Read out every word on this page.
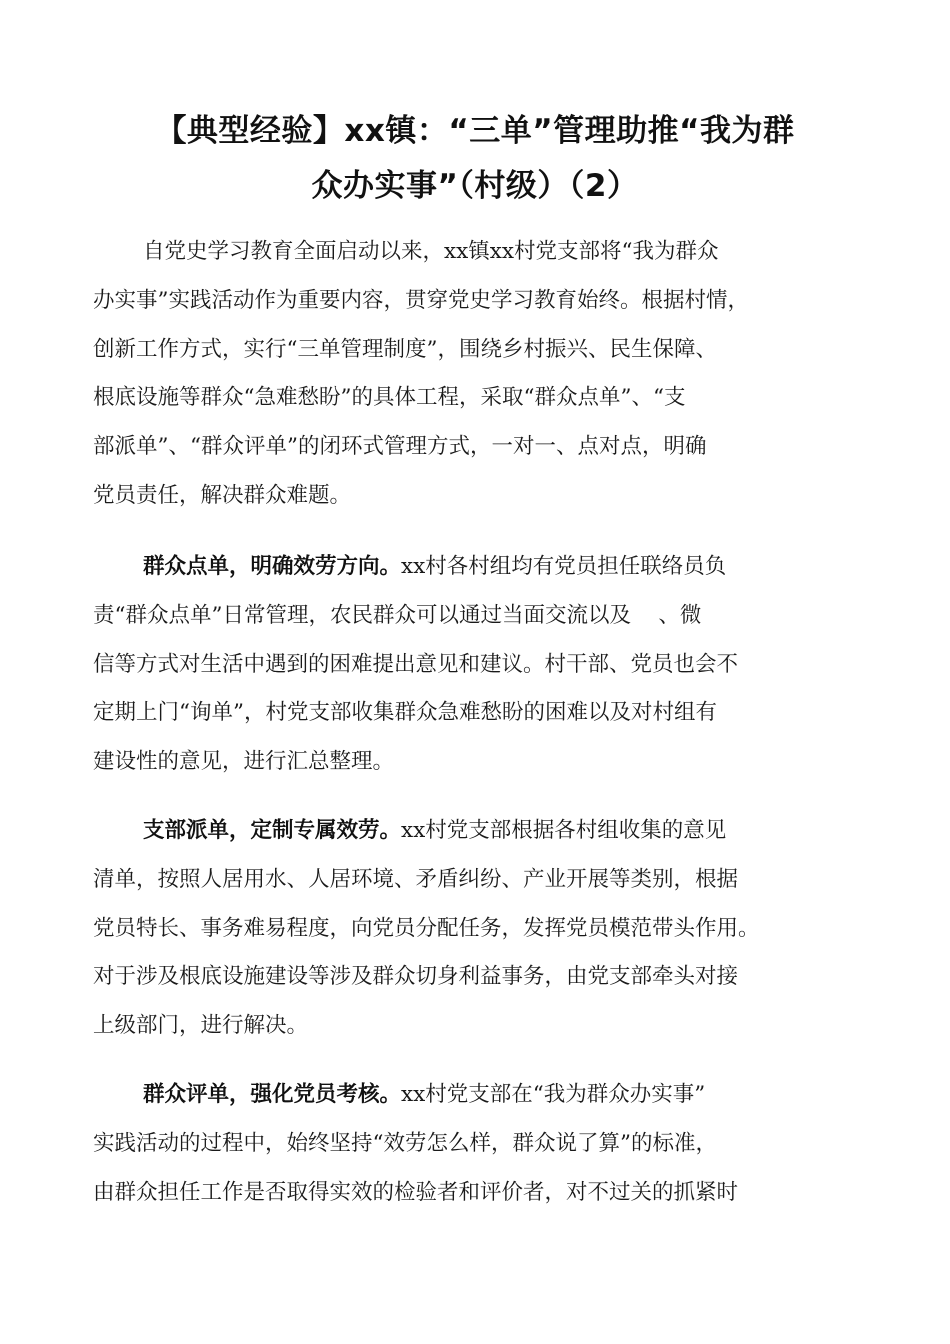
【典型经验】xx镇：“三单”管理助推“我为群
众办实事”（村级）（2）
自党史学习教育全面启动以来，xx镇xx村党支部将“我为群众
办实事”实践活动作为重要内容，贯穿党史学习教育始终。根据村情，
创新工作方式，实行“三单管理制度”，围绕乡村振兴、民生保障、
根底设施等群众“急难愁盼”的具体工程，采取“群众点单”、“支
部派单”、“群众评单”的闭环式管理方式，一对一、点对点，明确
党员责任，解决群众难题。
群众点单，明确效劳方向。xx村各村组均有党员担任联络员负
责“群众点单”日常管理，农民群众可以通过当面交流以及    、微
信等方式对生活中遇到的困难提出意见和建议。村干部、党员也会不
定期上门“询单”，村党支部收集群众急难愁盼的困难以及对村组有
建设性的意见，进行汇总整理。
支部派单，定制专属效劳。xx村党支部根据各村组收集的意见
清单，按照人居用水、人居环境、矛盾纠纷、产业开展等类别，根据
党员特长、事务难易程度，向党员分配任务，发挥党员模范带头作用。
对于涉及根底设施建设等涉及群众切身利益事务，由党支部牵头对接
上级部门，进行解决。
群众评单，强化党员考核。xx村党支部在“我为群众办实事”
实践活动的过程中，始终坚持“效劳怎么样，群众说了算”的标准，
由群众担任工作是否取得实效的检验者和评价者，对不过关的抓紧时
